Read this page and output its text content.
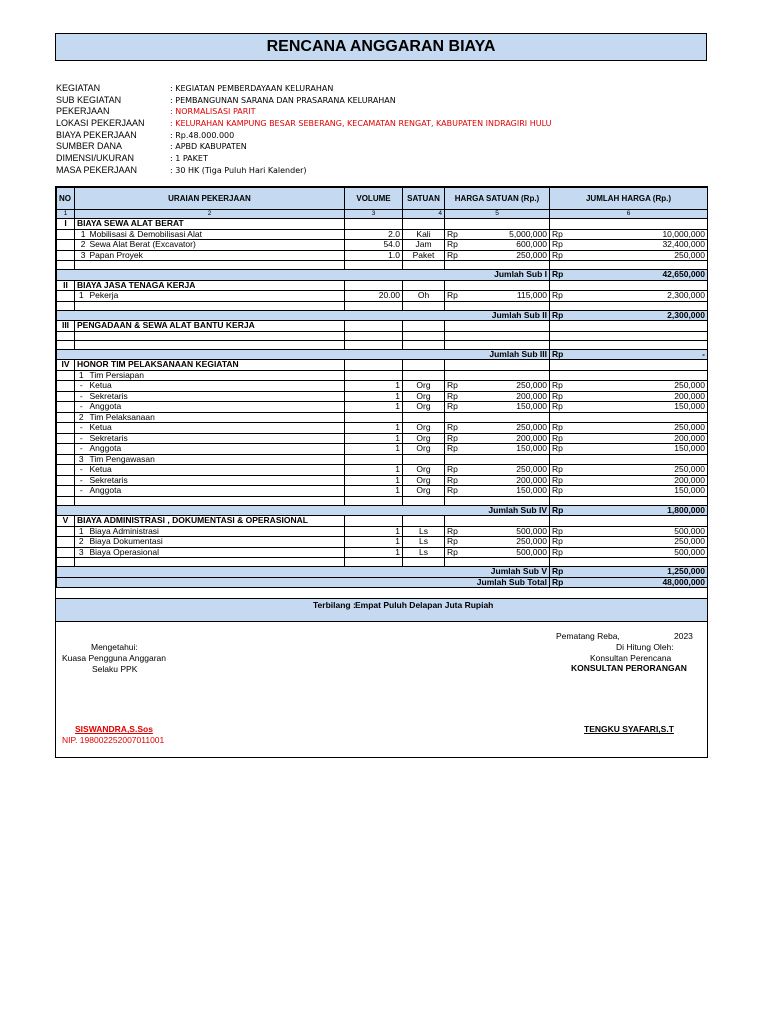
RENCANA ANGGARAN BIAYA
KEGIATAN	: KEGIATAN PEMBERDAYAAN KELURAHAN
SUB KEGIATAN	: PEMBANGUNAN SARANA DAN PRASARANA KELURAHAN
PEKERJAAN	: NORMALISASI PARIT
LOKASI PEKERJAAN	: KELURAHAN KAMPUNG BESAR SEBERANG, KECAMATAN RENGAT, KABUPATEN INDRAGIRI HULU
BIAYA PEKERJAAN	: Rp.48.000.000
SUMBER DANA	: APBD KABUPATEN
DIMENSI/UKURAN	: 1 PAKET
MASA PEKERJAAN	: 30 HK (Tiga Puluh Hari Kalender)
NO	URAIAN PEKERJAAN		VOLUME	SATUAN	HARGA SATUAN (Rp.)		JUMLAH HARGA (Rp.)	
1	2		3	4	5		6	
I	BIAYA SEWA ALAT BERAT							
	1	Mobilisasi & Demobilisasi Alat	2.0	Kali	Rp	5,000,000	Rp	10,000,000
	2	Sewa Alat Berat (Excavator)	54.0	Jam	Rp	600,000	Rp	32,400,000
	3	Papan Proyek	1.0	Paket	Rp	250,000	Rp	250,000

Jumlah Sub I							Rp	42,650,000
II	BIAYA JASA TENAGA KERJA							
	1	Pekerja	20.00	Oh	Rp	115,000	Rp	2,300,000

Jumlah Sub II							Rp	2,300,000
III	PENGADAAN & SEWA ALAT BANTU KERJA							

Jumlah Sub III							Rp	-
IV	HONOR TIM PELAKSANAAN KEGIATAN							
	1	Tim Persiapan						
	-	Ketua	1	Org	Rp	250,000	Rp	250,000
	-	Sekretaris	1	Org	Rp	200,000	Rp	200,000
	-	Anggota	1	Org	Rp	150,000	Rp	150,000
	2	Tim Pelaksanaan						
	-	Ketua	1	Org	Rp	250,000	Rp	250,000
	-	Sekretaris	1	Org	Rp	200,000	Rp	200,000
	-	Anggota	1	Org	Rp	150,000	Rp	150,000
	3	Tim Pengawasan						
	-	Ketua	1	Org	Rp	250,000	Rp	250,000
	-	Sekretaris	1	Org	Rp	200,000	Rp	200,000
	-	Anggota	1	Org	Rp	150,000	Rp	150,000

Jumlah Sub IV							Rp	1,800,000
V	BIAYA ADMINISTRASI , DOKUMENTASI & OPERASIONAL							
	1	Biaya Administrasi	1	Ls	Rp	500,000	Rp	500,000
	2	Biaya Dokumentasi	1	Ls	Rp	250,000	Rp	250,000
	3	Biaya Operasional	1	Ls	Rp	500,000	Rp	500,000

Jumlah Sub V							Rp	1,250,000
Jumlah Sub Total							Rp	48,000,000
Terbilang : Empat Puluh Delapan Juta Rupiah
Mengetahui:
Kuasa Pengguna Anggaran
Selaku PPK
SISWANDRA,S.Sos
NIP. 198002252007011001
Pematang Reba,	2023
Di Hitung Oleh:
Konsultan Perencana
KONSULTAN PERORANGAN
TENGKU SYAFARI,S.T
